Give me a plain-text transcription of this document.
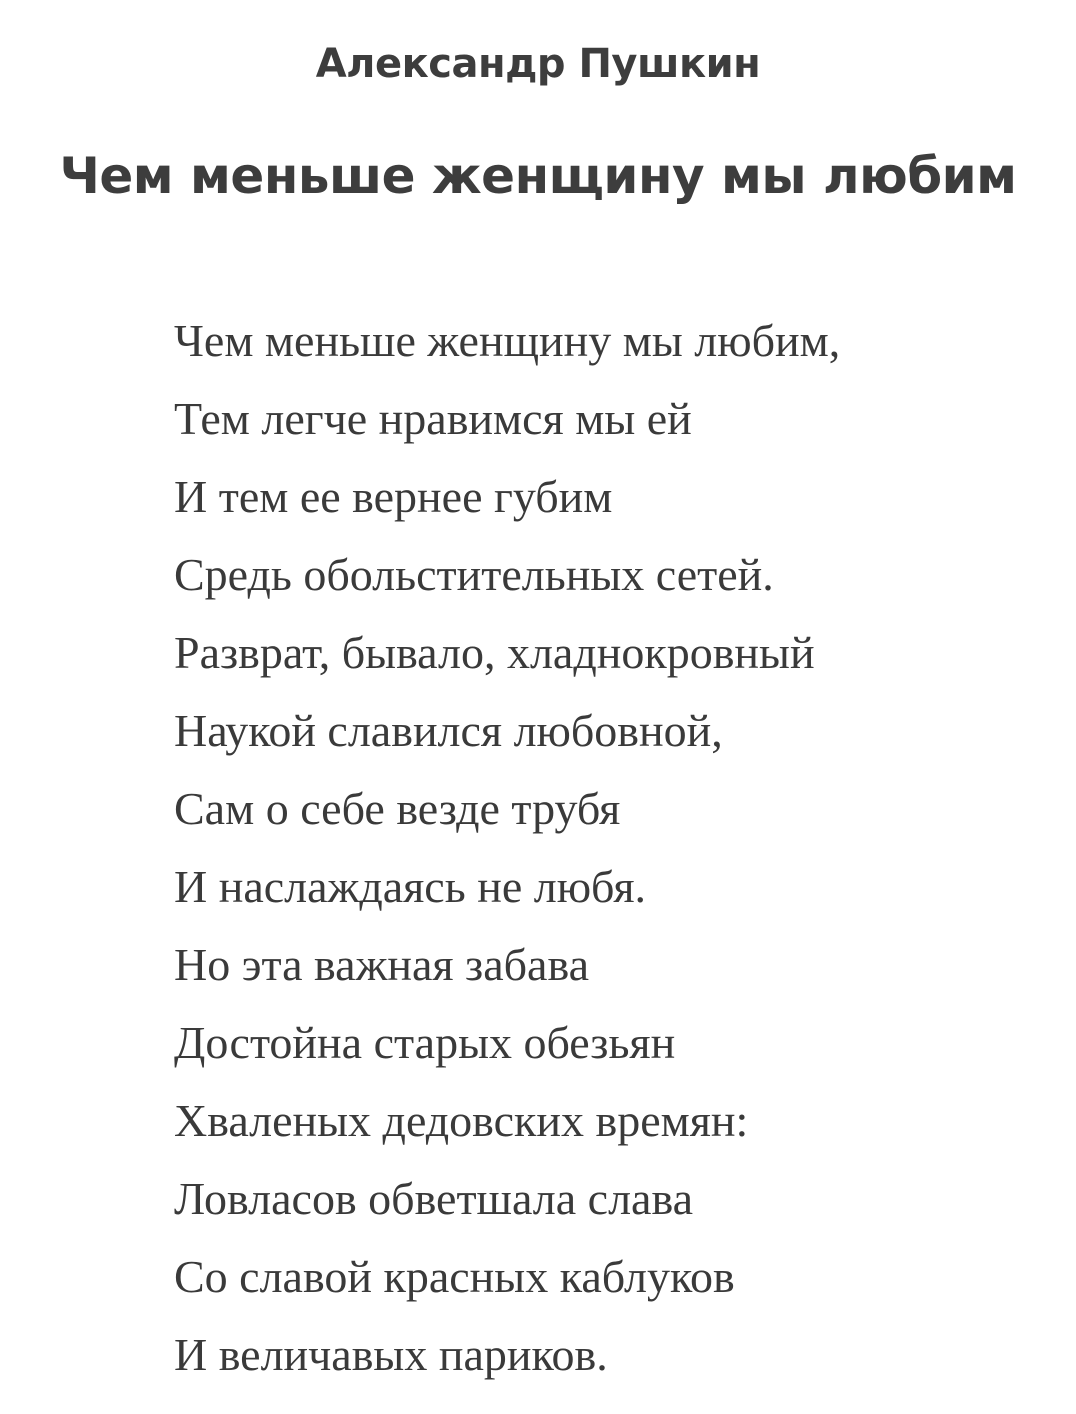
Александр Пушкин
Чем меньше женщину мы любим
Чем меньше женщину мы любим,
Тем легче нравимся мы ей
И тем ее вернее губим
Средь обольстительных сетей.
Разврат, бывало, хладнокровный
Наукой славился любовной,
Сам о себе везде трубя
И наслаждаясь не любя.
Но эта важная забава
Достойна старых обезьян
Хваленых дедовских времян:
Ловласов обветшала слава
Со славой красных каблуков
И величавых париков.
